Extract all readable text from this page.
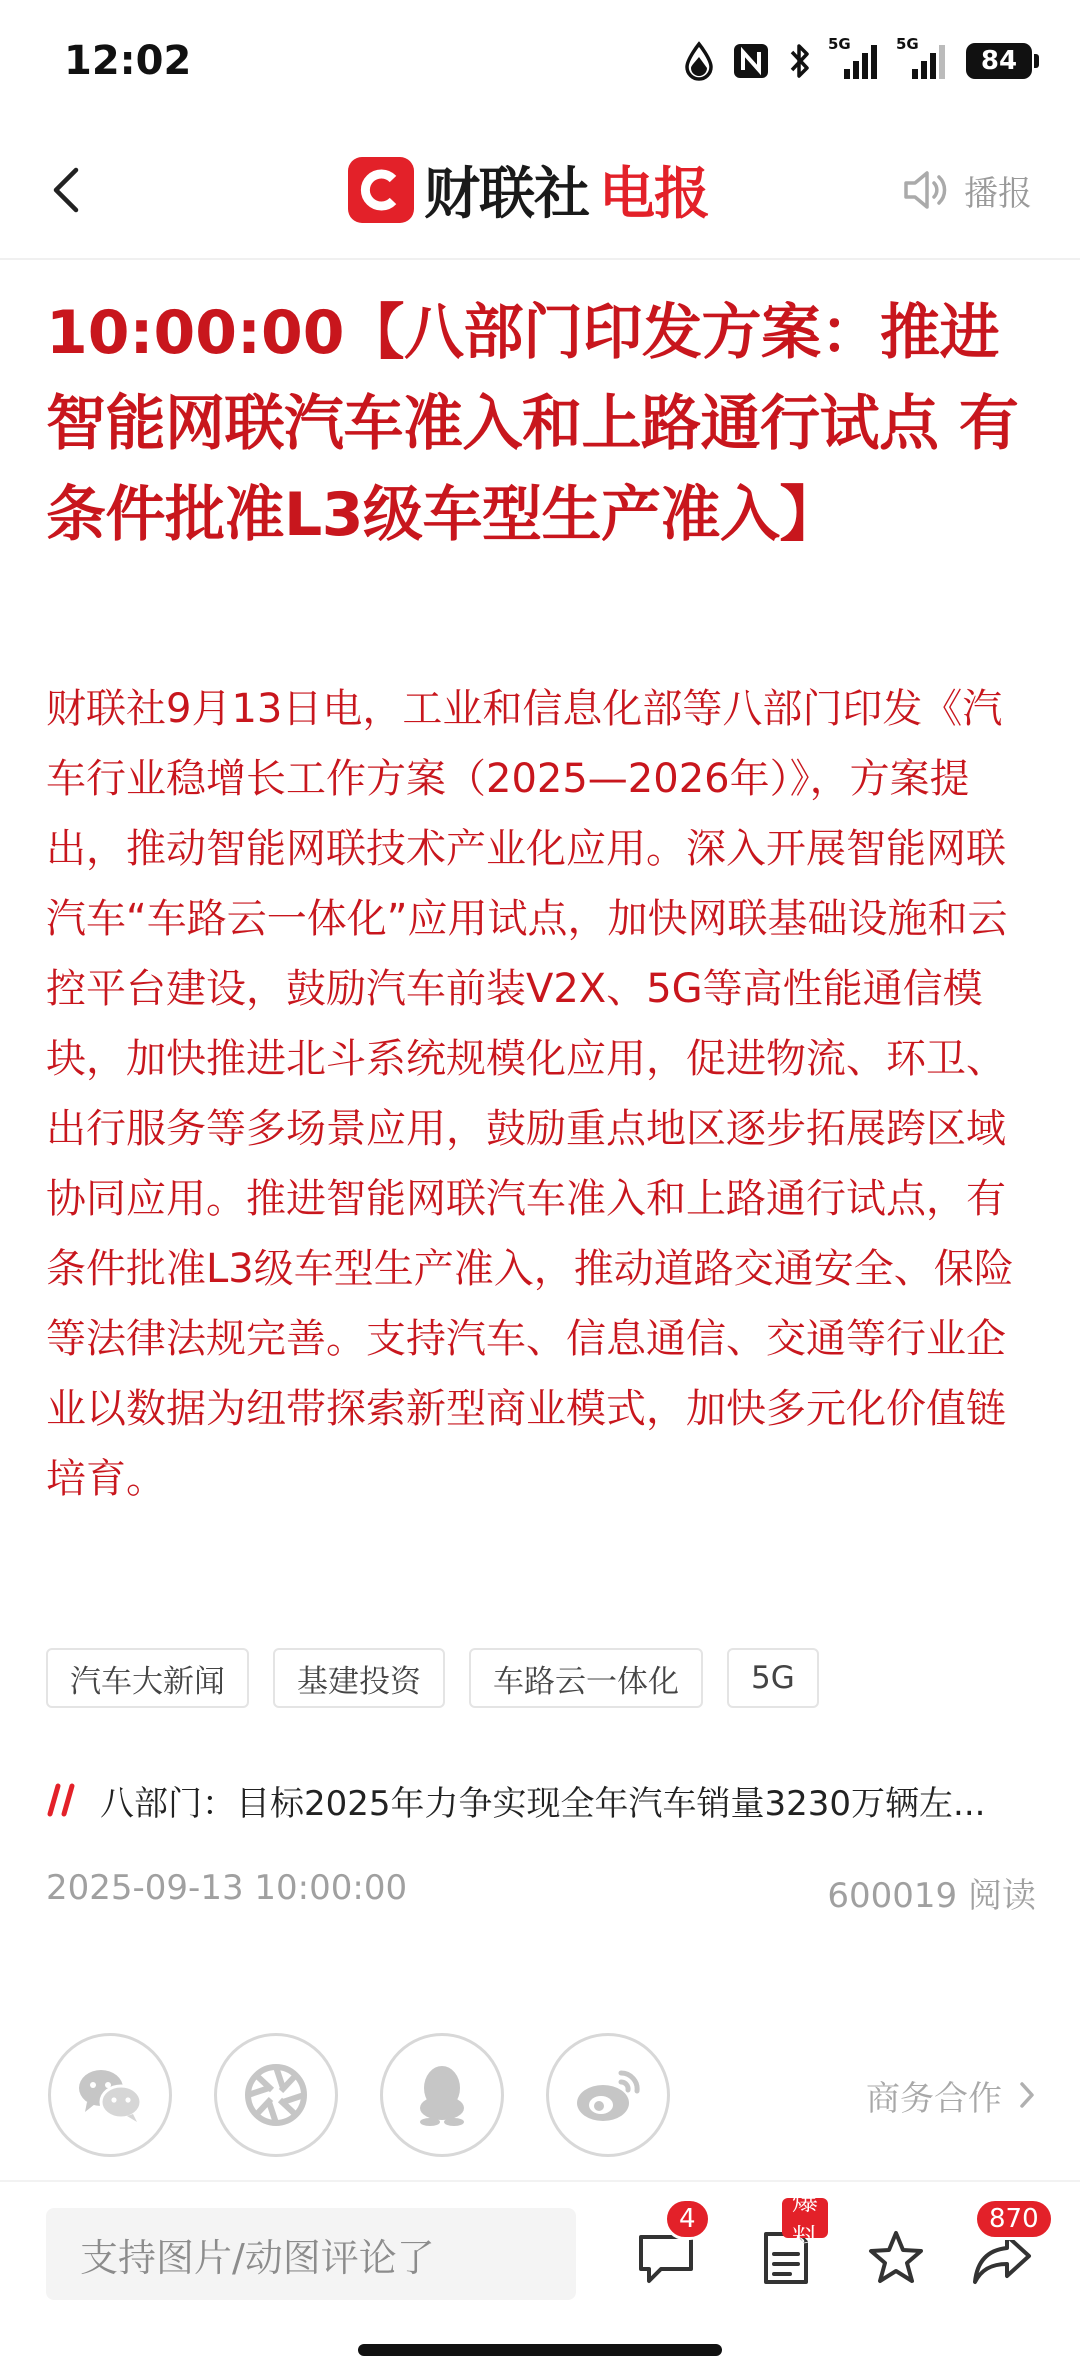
12:02	5G	5G
84
财联社 电报	播报
10:00:00【八部门印发方案：推进智能网联汽车准入和上路通行试点 有条件批准L3级车型生产准入】
财联社9月13日电，工业和信息化部等八部门印发《汽车行业稳增长工作方案（2025—2026年）》，方案提出，推动智能网联技术产业化应用。深入开展智能网联汽车“车路云一体化”应用试点，加快网联基础设施和云控平台建设，鼓励汽车前装V2X、5G等高性能通信模块，加快推进北斗系统规模化应用，促进物流、环卫、出行服务等多场景应用，鼓励重点地区逐步拓展跨区域协同应用。推进智能网联汽车准入和上路通行试点，有条件批准L3级车型生产准入，推动道路交通安全、保险等法律法规完善。支持汽车、信息通信、交通等行业企业以数据为纽带探索新型商业模式，加快多元化价值链培育。
汽车大新闻	基建投资	车路云一体化	5G
八部门：目标2025年力争实现全年汽车销量3230万辆左...
2025-09-13 10:00:00	600019 阅读
商务合作
支持图片/动图评论了
4
爆料
870
